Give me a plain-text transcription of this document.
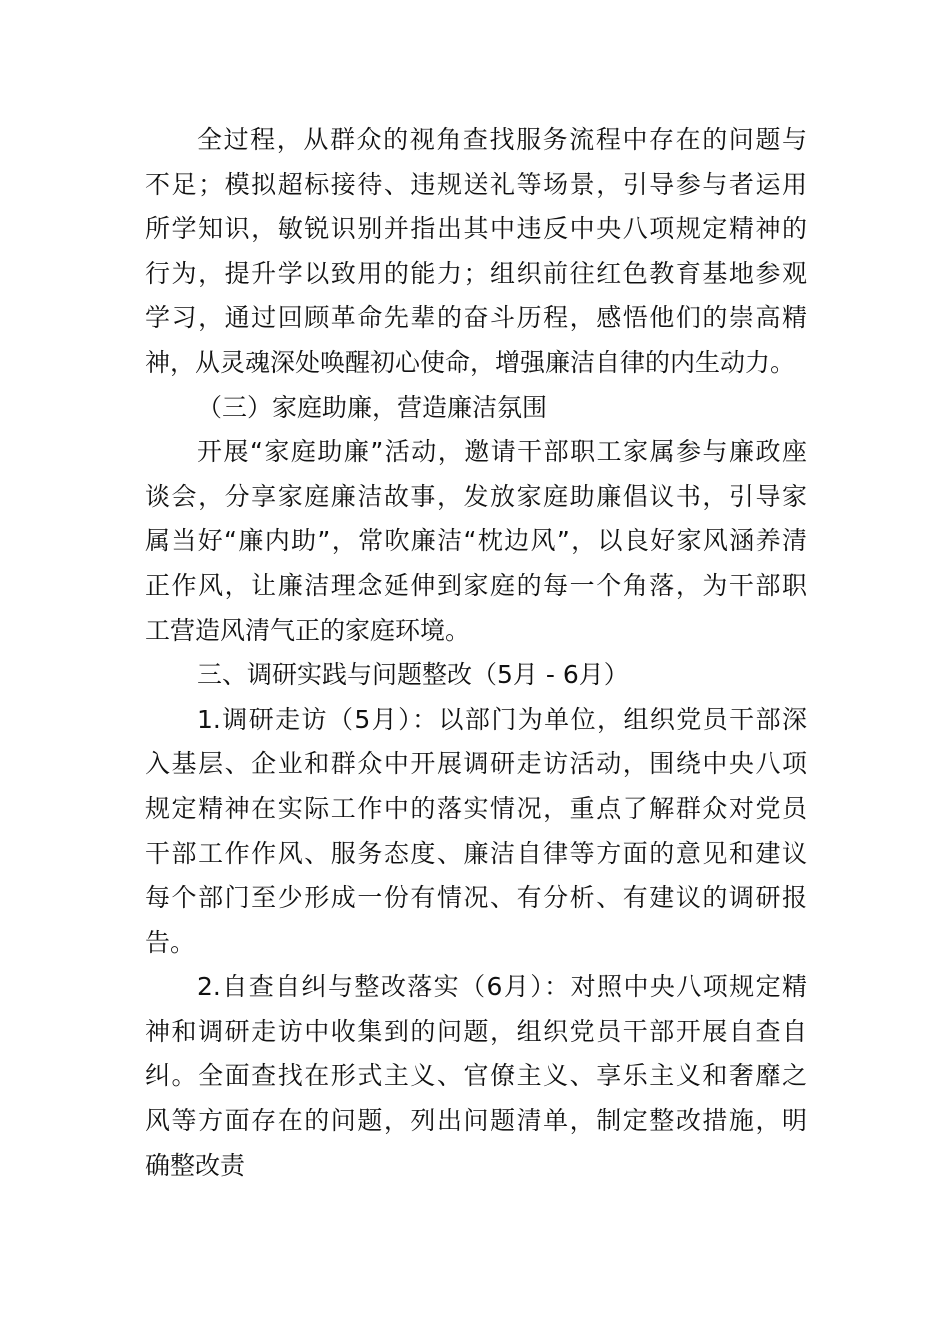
全过程，从群众的视角查找服务流程中存在的问题与
不足；模拟超标接待、违规送礼等场景，引导参与者运用
所学知识，敏锐识别并指出其中违反中央八项规定精神的
行为，提升学以致用的能力；组织前往红色教育基地参观
学习，通过回顾革命先辈的奋斗历程，感悟他们的崇高精
神，从灵魂深处唤醒初心使命，增强廉洁自律的内生动力。
（三）家庭助廉，营造廉洁氛围
开展“家庭助廉”活动，邀请干部职工家属参与廉政座
谈会，分享家庭廉洁故事，发放家庭助廉倡议书，引导家
属当好“廉内助”，常吹廉洁“枕边风”，以良好家风涵养清
正作风，让廉洁理念延伸到家庭的每一个角落，为干部职
工营造风清气正的家庭环境。
三、调研实践与问题整改（5月 - 6月）
1.调研走访（5月）：以部门为单位，组织党员干部深
入基层、企业和群众中开展调研走访活动，围绕中央八项
规定精神在实际工作中的落实情况，重点了解群众对党员
干部工作作风、服务态度、廉洁自律等方面的意见和建议
每个部门至少形成一份有情况、有分析、有建议的调研报
告。
2.自查自纠与整改落实（6月）：对照中央八项规定精
神和调研走访中收集到的问题，组织党员干部开展自查自
纠。全面查找在形式主义、官僚主义、享乐主义和奢靡之
风等方面存在的问题，列出问题清单，制定整改措施，明
确整改责
